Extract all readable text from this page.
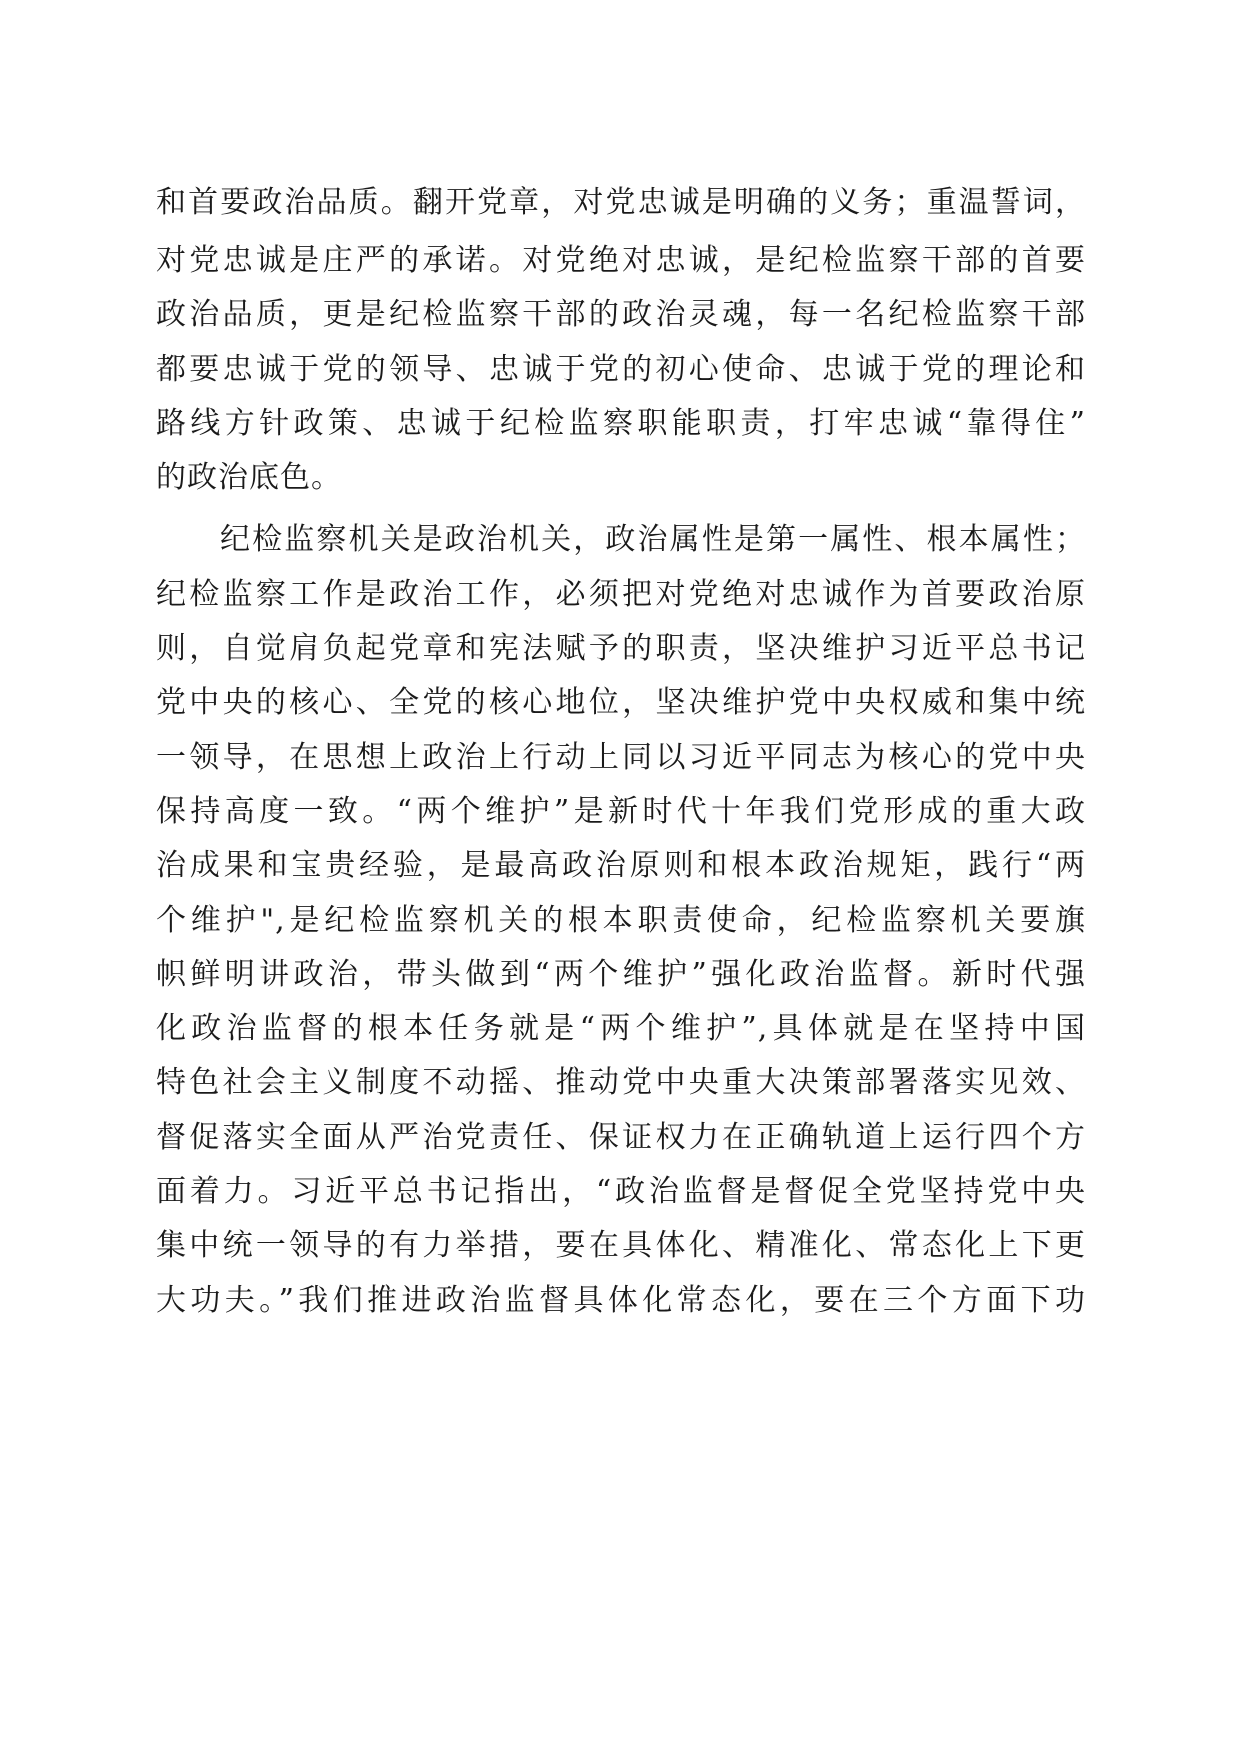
和首要政治品质。翻开党章，对党忠诚是明确的义务；重温誓词，
对党忠诚是庄严的承诺。对党绝对忠诚，是纪检监察干部的首要
政治品质，更是纪检监察干部的政治灵魂，每一名纪检监察干部
都要忠诚于党的领导、忠诚于党的初心使命、忠诚于党的理论和
路线方针政策、忠诚于纪检监察职能职责，打牢忠诚“靠得住”
的政治底色。
纪检监察机关是政治机关，政治属性是第一属性、根本属性；
纪检监察工作是政治工作，必须把对党绝对忠诚作为首要政治原
则，自觉肩负起党章和宪法赋予的职责，坚决维护习近平总书记
党中央的核心、全党的核心地位，坚决维护党中央权威和集中统
一领导，在思想上政治上行动上同以习近平同志为核心的党中央
保持高度一致。“两个维护”是新时代十年我们党形成的重大政
治成果和宝贵经验，是最高政治原则和根本政治规矩，践行“两
个维护",是纪检监察机关的根本职责使命，纪检监察机关要旗
帜鲜明讲政治，带头做到“两个维护”强化政治监督。新时代强
化政治监督的根本任务就是“两个维护”,具体就是在坚持中国
特色社会主义制度不动摇、推动党中央重大决策部署落实见效、
督促落实全面从严治党责任、保证权力在正确轨道上运行四个方
面着力。习近平总书记指出，“政治监督是督促全党坚持党中央
集中统一领导的有力举措，要在具体化、精准化、常态化上下更
大功夫。”我们推进政治监督具体化常态化，要在三个方面下功
